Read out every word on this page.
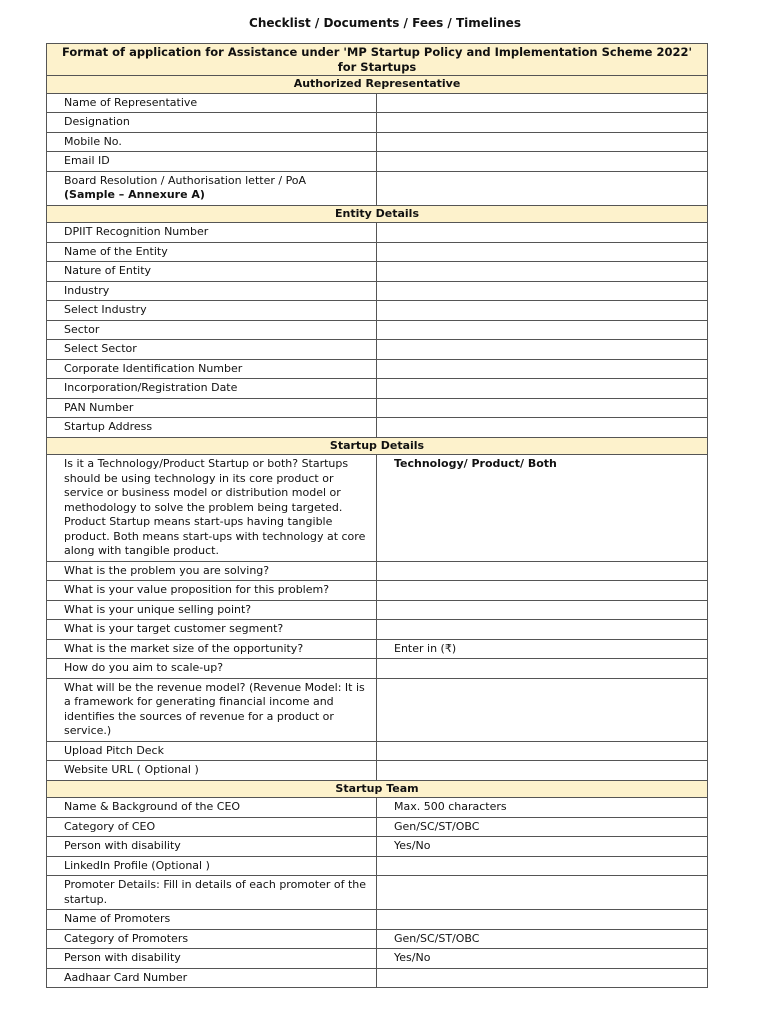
Checklist / Documents / Fees / Timelines
Format of application for Assistance under 'MP Startup Policy and Implementation Scheme 2022' for Startups	
Authorized Representative	
Name of Representative	
Designation	
Mobile No.	
Email ID	
Board Resolution / Authorisation letter / PoA
(Sample – Annexure A)	

Entity Details	
DPIIT Recognition Number	
Name of the Entity	
Nature of Entity	
Industry	
Select Industry	
Sector	
Select Sector	
Corporate Identification Number	
Incorporation/Registration Date	
PAN Number	
Startup Address	
Startup Details	
Is it a Technology/Product Startup or both? Startups should be using technology in its core product or service or business model or distribution model or methodology to solve the problem being targeted. Product Startup means start-ups having tangible product. Both means start-ups with technology at core along with tangible product.	Technology/ Product/ Both
What is the problem you are solving?	
What is your value proposition for this problem?	
What is your unique selling point?	
What is your target customer segment?	
What is the market size of the opportunity?	Enter in (₹)
How do you aim to scale-up?	
What will be the revenue model? (Revenue Model: It is a framework for generating financial income and identifies the sources of revenue for a product or service.)	
Upload Pitch Deck	
Website URL ( Optional )	
Startup Team	
Name & Background of the CEO	Max. 500 characters
Category of CEO	Gen/SC/ST/OBC
Person with disability	Yes/No
LinkedIn Profile (Optional )	
Promoter Details: Fill in details of each promoter of the startup.	
Name of Promoters	
Category of Promoters	Gen/SC/ST/OBC
Person with disability	Yes/No
Aadhaar Card Number	
